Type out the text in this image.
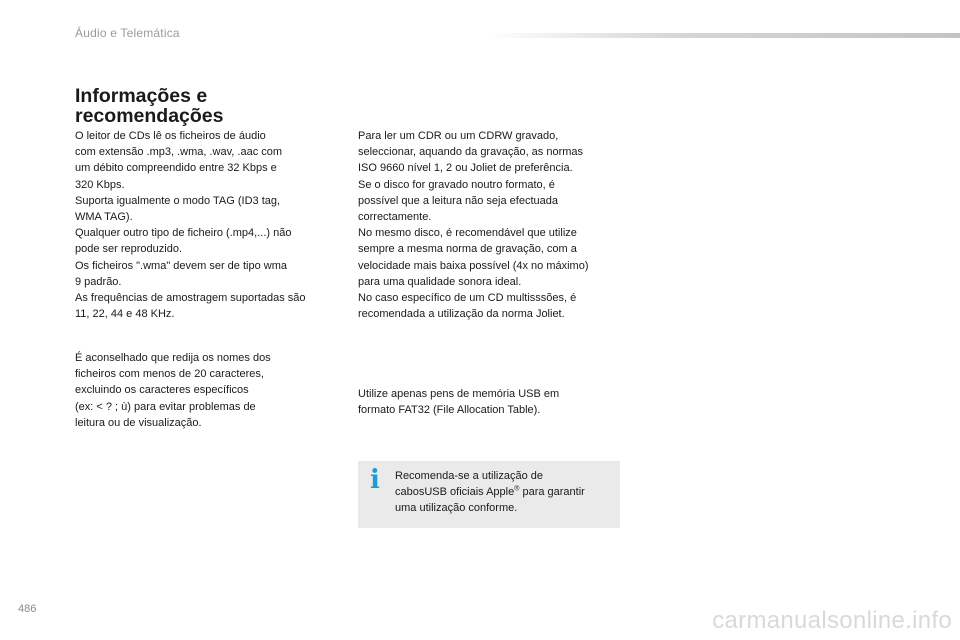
Áudio e Telemática
Informações e recomendações

O leitor de CDs lê os ficheiros de áudio
com extensão .mp3, .wma, .wav, .aac com
um débito compreendido entre 32 Kbps e
320 Kbps.
Suporta igualmente o modo TAG (ID3 tag,
WMA TAG).
Qualquer outro tipo de ficheiro (.mp4,...) não
pode ser reproduzido.
Os ficheiros ".wma" devem ser de tipo wma
9 padrão.
As frequências de amostragem suportadas são
11, 22, 44 e 48 KHz.

É aconselhado que redija os nomes dos
ficheiros com menos de 20 caracteres,
excluindo os caracteres específicos
(ex: < ? ; ù) para evitar problemas de
leitura ou de visualização.

Para ler um CDR ou um CDRW gravado,
seleccionar, aquando da gravação, as normas
ISO 9660 nível 1, 2 ou Joliet de preferência.
Se o disco for gravado noutro formato, é
possível que a leitura não seja efectuada
correctamente.
No mesmo disco, é recomendável que utilize
sempre a mesma norma de gravação, com a
velocidade mais baixa possível (4x no máximo)
para uma qualidade sonora ideal.
No caso específico de um CD multisssões, é
recomendada a utilização da norma Joliet.

Utilize apenas pens de memória USB em
formato FAT32 (File Allocation Table).

i Recomenda-se a utilização de
cabosUSB oficiais Apple® para garantir
uma utilização conforme.
486	carmanualsonline.info
